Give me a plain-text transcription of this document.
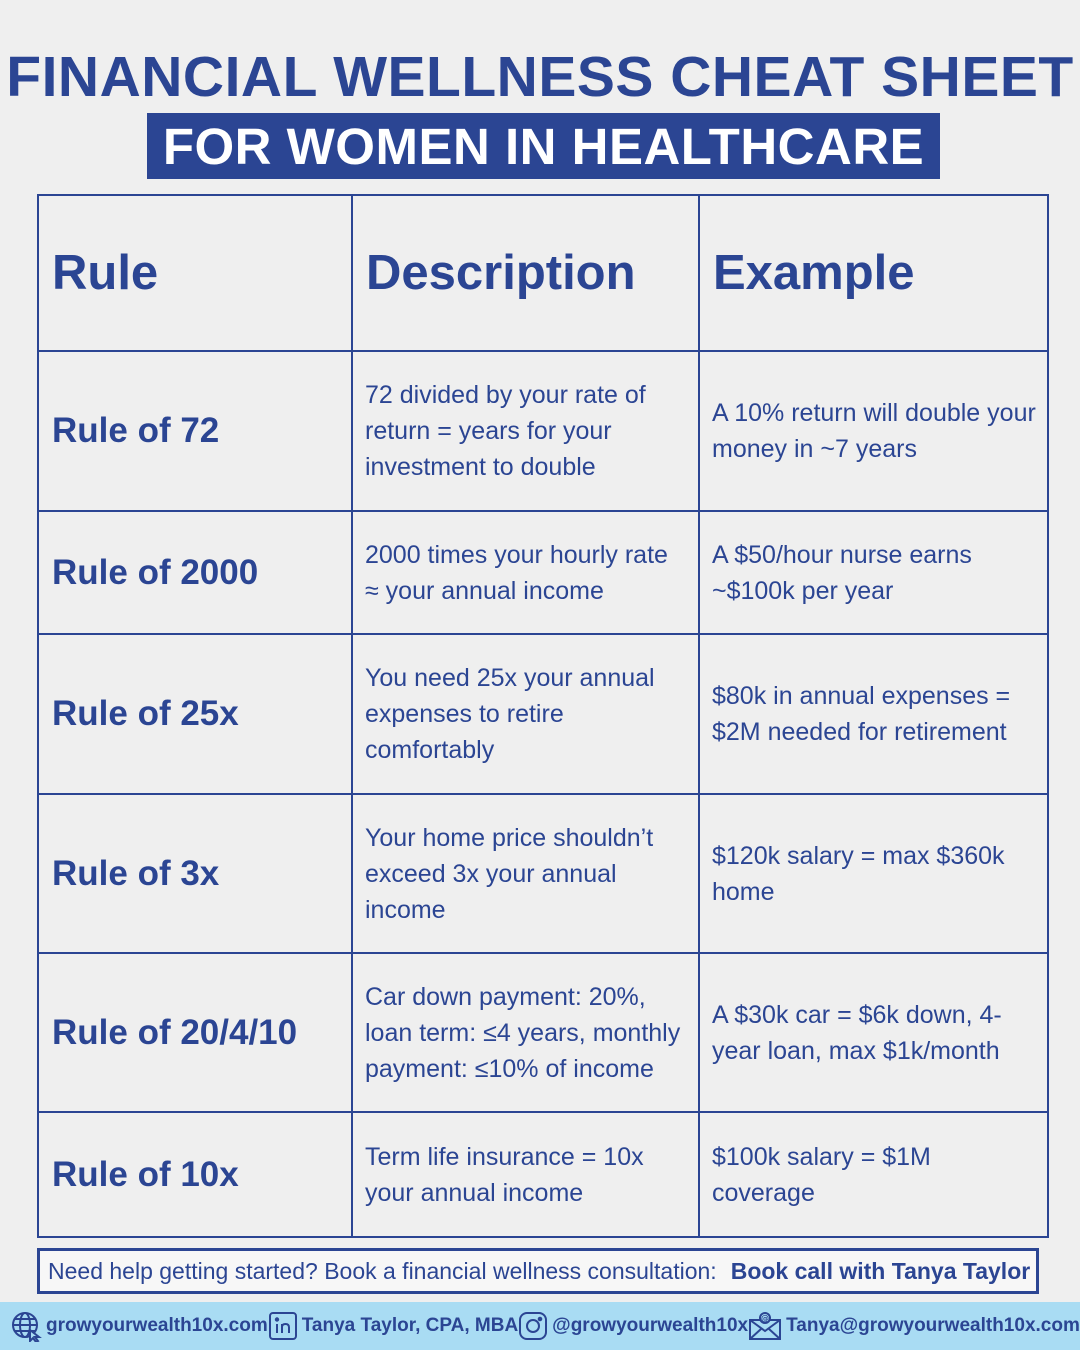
FINANCIAL WELLNESS CHEAT SHEET
FOR WOMEN IN HEALTHCARE
Rule	Description	Example
Rule of 72	72 divided by your rate of return = years for your investment to double	A 10% return will double your money in ~7 years
Rule of 2000	2000 times your hourly rate ≈ your annual income	A $50/hour nurse earns ~$100k per year
Rule of 25x	You need 25x your annual expenses to retire comfortably	$80k in annual expenses = $2M needed for retirement
Rule of 3x	Your home price shouldn’t exceed 3x your annual income	$120k salary = max $360k home
Rule of 20/4/10	Car down payment: 20%, loan term: ≤4 years, monthly payment: ≤10% of income	A $30k car = $6k down, 4-year loan, max $1k/month
Rule of 10x	Term life insurance = 10x your annual income	$100k salary = $1M coverage
Need help getting started? Book a financial wellness consultation: Book call with Tanya Taylor
growyourwealth10x.com Tanya Taylor, CPA, MBA @growyourwealth10x @ Tanya@growyourwealth10x.com
